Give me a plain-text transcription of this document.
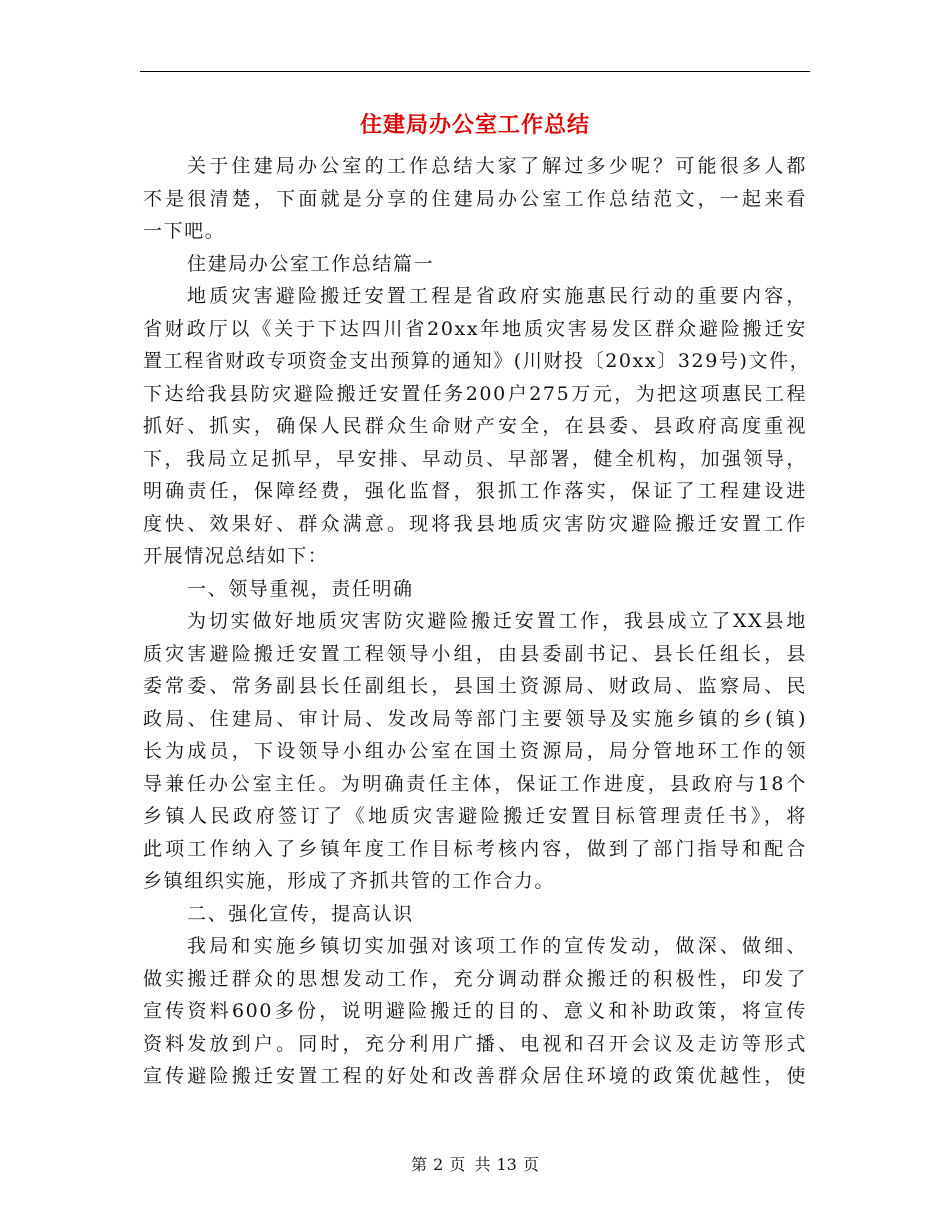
住建局办公室工作总结
关于住建局办公室的工作总结大家了解过多少呢？可能很多人都
不是很清楚，下面就是分享的住建局办公室工作总结范文，一起来看
一下吧。
住建局办公室工作总结篇一
地质灾害避险搬迁安置工程是省政府实施惠民行动的重要内容，
省财政厅以《关于下达四川省20xx年地质灾害易发区群众避险搬迁安
置工程省财政专项资金支出预算的通知》(川财投〔20xx〕329号)文件，
下达给我县防灾避险搬迁安置任务200户275万元，为把这项惠民工程
抓好、抓实，确保人民群众生命财产安全，在县委、县政府高度重视
下，我局立足抓早，早安排、早动员、早部署，健全机构，加强领导，
明确责任，保障经费，强化监督，狠抓工作落实，保证了工程建设进
度快、效果好、群众满意。现将我县地质灾害防灾避险搬迁安置工作
开展情况总结如下：
一、领导重视，责任明确
为切实做好地质灾害防灾避险搬迁安置工作，我县成立了XX县地
质灾害避险搬迁安置工程领导小组，由县委副书记、县长任组长，县
委常委、常务副县长任副组长，县国土资源局、财政局、监察局、民
政局、住建局、审计局、发改局等部门主要领导及实施乡镇的乡(镇)
长为成员，下设领导小组办公室在国土资源局，局分管地环工作的领
导兼任办公室主任。为明确责任主体，保证工作进度，县政府与18个
乡镇人民政府签订了《地质灾害避险搬迁安置目标管理责任书》，将
此项工作纳入了乡镇年度工作目标考核内容，做到了部门指导和配合
乡镇组织实施，形成了齐抓共管的工作合力。
二、强化宣传，提高认识
我局和实施乡镇切实加强对该项工作的宣传发动，做深、做细、
做实搬迁群众的思想发动工作，充分调动群众搬迁的积极性，印发了
宣传资料600多份，说明避险搬迁的目的、意义和补助政策，将宣传
资料发放到户。同时，充分利用广播、电视和召开会议及走访等形式
宣传避险搬迁安置工程的好处和改善群众居住环境的政策优越性，使
第 2 页 共 13 页
